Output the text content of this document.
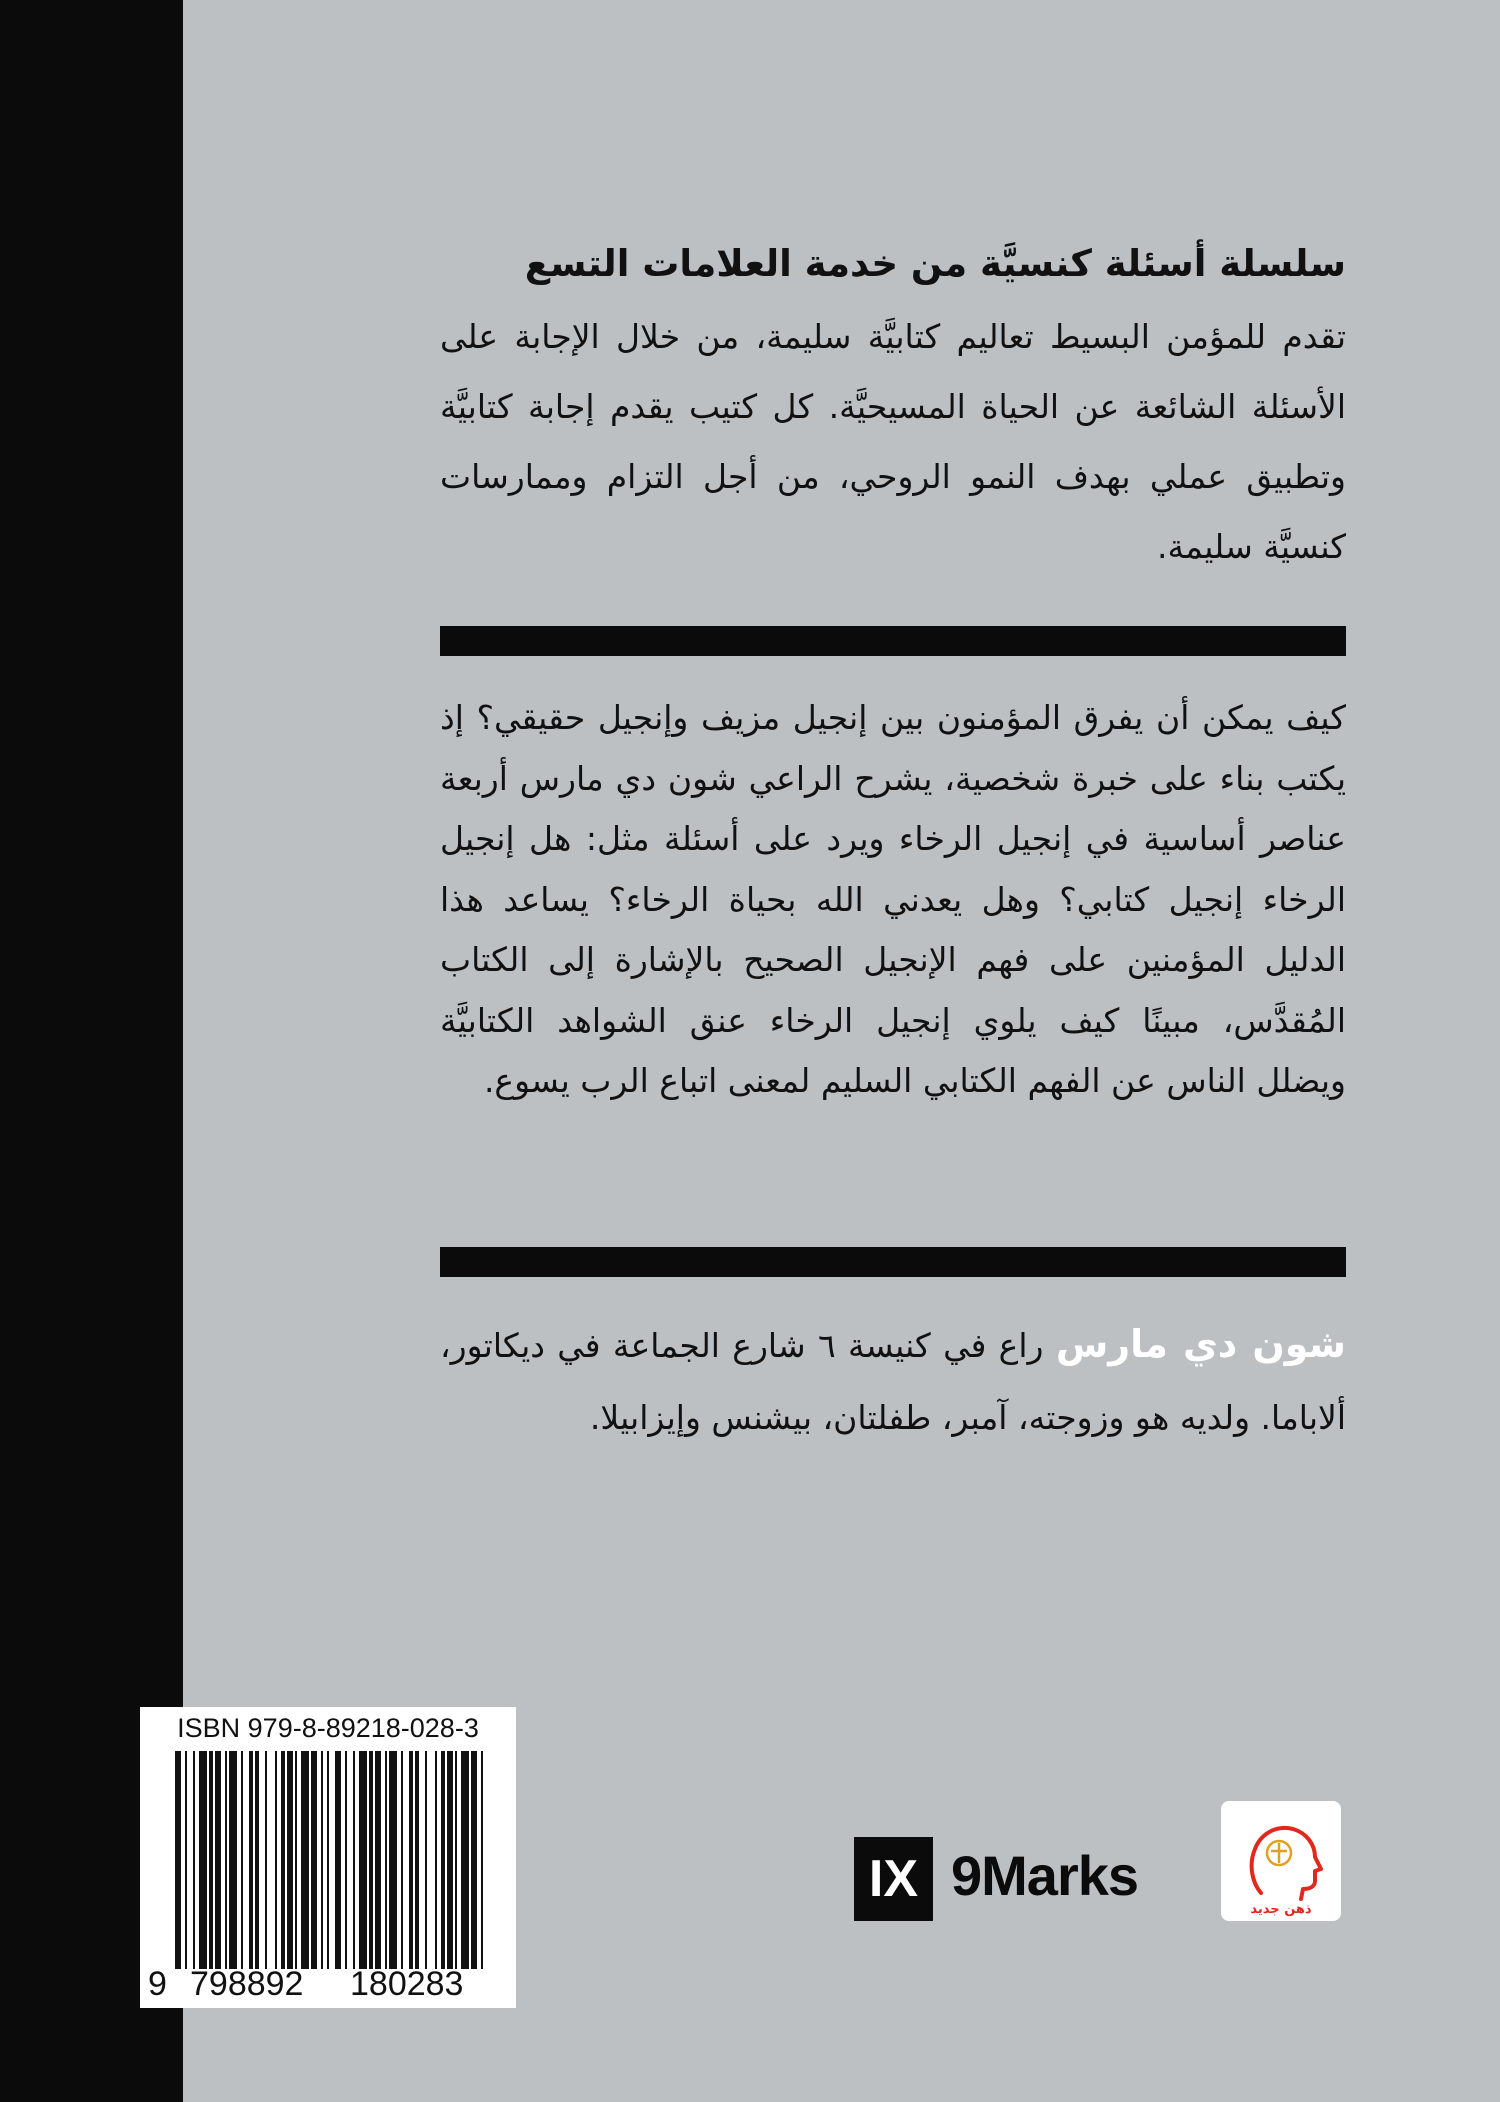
سلسلة أسئلة كنسيَّة من خدمة العلامات التسع

تقدم للمؤمن البسيط تعاليم كتابيَّة سليمة، من خلال الإجابة على الأسئلة الشائعة عن الحياة المسيحيَّة. كل كتيب يقدم إجابة كتابيَّة وتطبيق عملي بهدف النمو الروحي، من أجل التزام وممارسات كنسيَّة سليمة.

كيف يمكن أن يفرق المؤمنون بين إنجيل مزيف وإنجيل حقيقي؟ إذ يكتب بناء على خبرة شخصية، يشرح الراعي شون دي مارس أربعة عناصر أساسية في إنجيل الرخاء ويرد على أسئلة مثل: هل إنجيل الرخاء إنجيل كتابي؟ وهل يعدني الله بحياة الرخاء؟ يساعد هذا الدليل المؤمنين على فهم الإنجيل الصحيح بالإشارة إلى الكتاب المُقدَّس، مبينًا كيف يلوي إنجيل الرخاء عنق الشواهد الكتابيَّة ويضلل الناس عن الفهم الكتابي السليم لمعنى اتباع الرب يسوع.

شون دي مارس راع في كنيسة ٦ شارع الجماعة في ديكاتور، ألاباما. ولديه هو وزوجته، آمبر، طفلتان، بيشنس وإيزابيلا.

ISBN 979-8-89218-028-3
9 798892 180283
IX 9Marks
ذهن جديد
